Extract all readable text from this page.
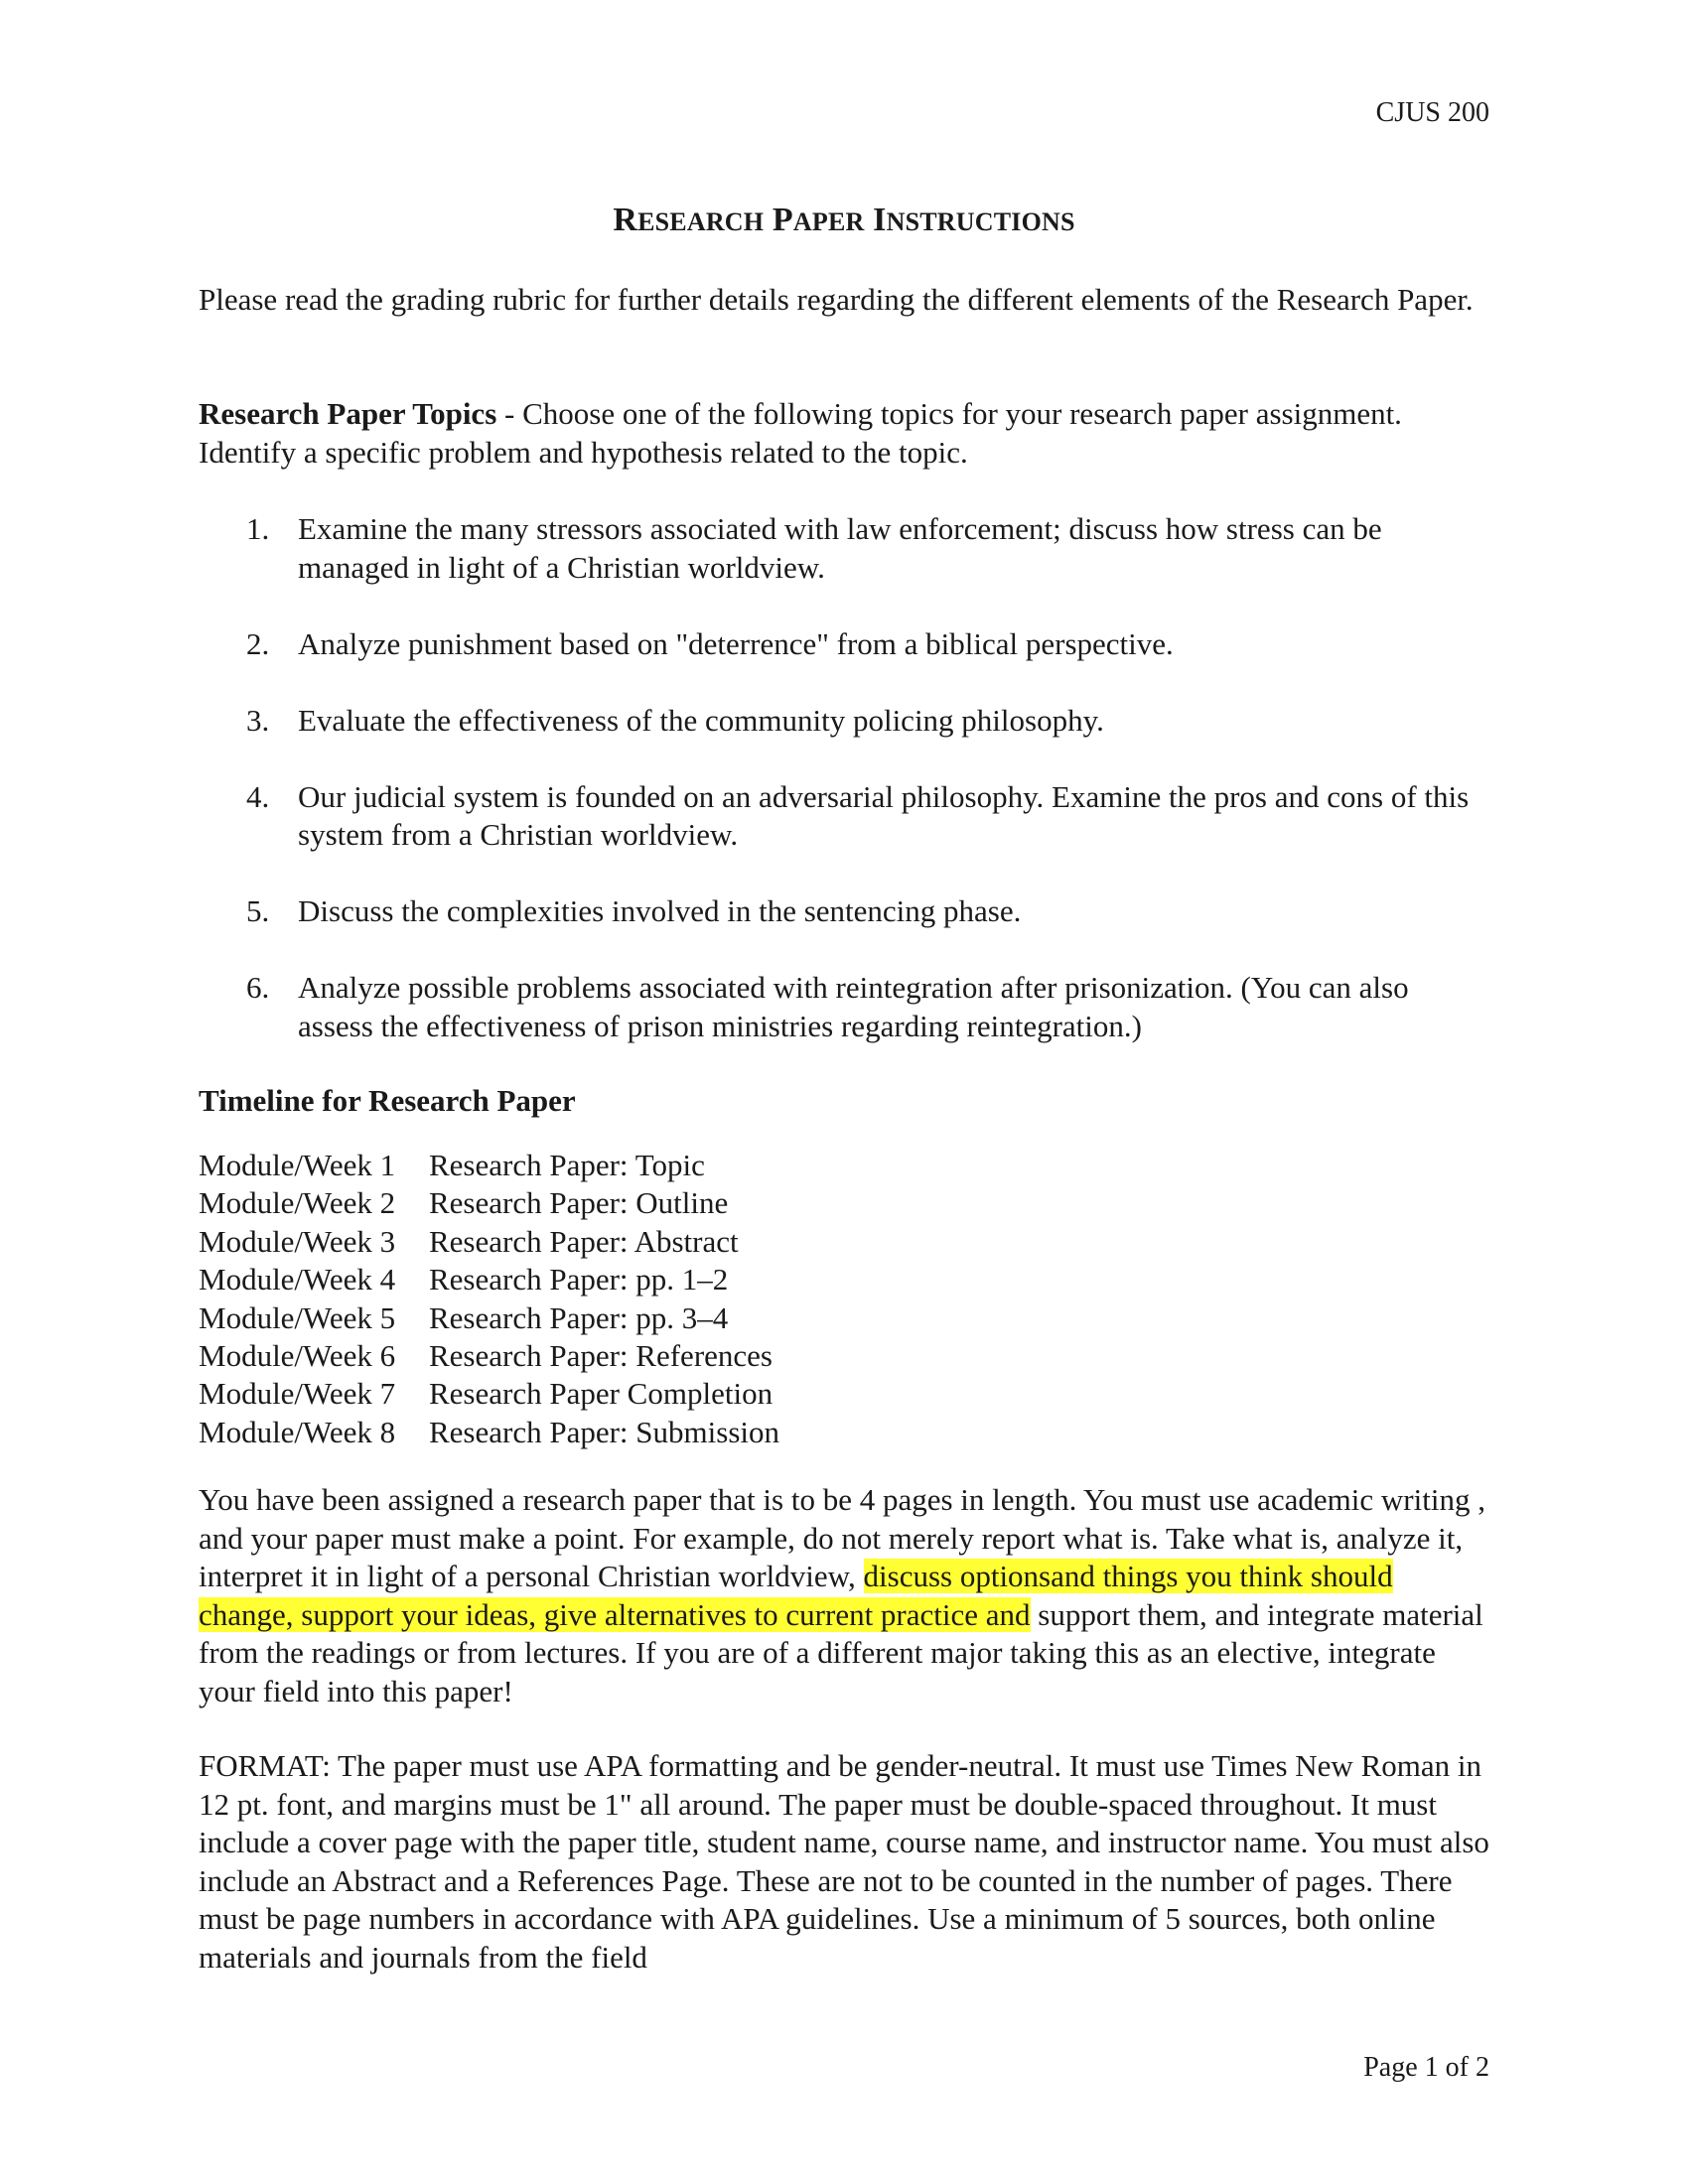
CJUS 200
RESEARCH PAPER INSTRUCTIONS
Please read the grading rubric for further details regarding the different elements of the Research Paper.
Research Paper Topics - Choose one of the following topics for your research paper assignment. Identify a specific problem and hypothesis related to the topic.
1. Examine the many stressors associated with law enforcement; discuss how stress can be managed in light of a Christian worldview.
2. Analyze punishment based on "deterrence" from a biblical perspective.
3. Evaluate the effectiveness of the community policing philosophy.
4. Our judicial system is founded on an adversarial philosophy. Examine the pros and cons of this system from a Christian worldview.
5. Discuss the complexities involved in the sentencing phase.
6. Analyze possible problems associated with reintegration after prisonization. (You can also assess the effectiveness of prison ministries regarding reintegration.)
Timeline for Research Paper
Module/Week 1	Research Paper: Topic
Module/Week 2	Research Paper: Outline
Module/Week 3	Research Paper: Abstract
Module/Week 4	Research Paper: pp. 1–2
Module/Week 5	Research Paper: pp. 3–4
Module/Week 6	Research Paper: References
Module/Week 7	Research Paper Completion
Module/Week 8	Research Paper: Submission
You have been assigned a research paper that is to be 4 pages in length. You must use academic writing , and your paper must make a point. For example, do not merely report what is. Take what is, analyze it, interpret it in light of a personal Christian worldview, discuss optionsand things you think should change, support your ideas, give alternatives to current practice and support them, and integrate material from the readings or from lectures. If you are of a different major taking this as an elective, integrate your field into this paper!
FORMAT: The paper must use APA formatting and be gender-neutral. It must use Times New Roman in 12 pt. font, and margins must be 1" all around. The paper must be double-spaced throughout. It must include a cover page with the paper title, student name, course name, and instructor name. You must also include an Abstract and a References Page. These are not to be counted in the number of pages. There must be page numbers in accordance with APA guidelines. Use a minimum of 5 sources, both online materials and journals from the field
Page 1 of 2
